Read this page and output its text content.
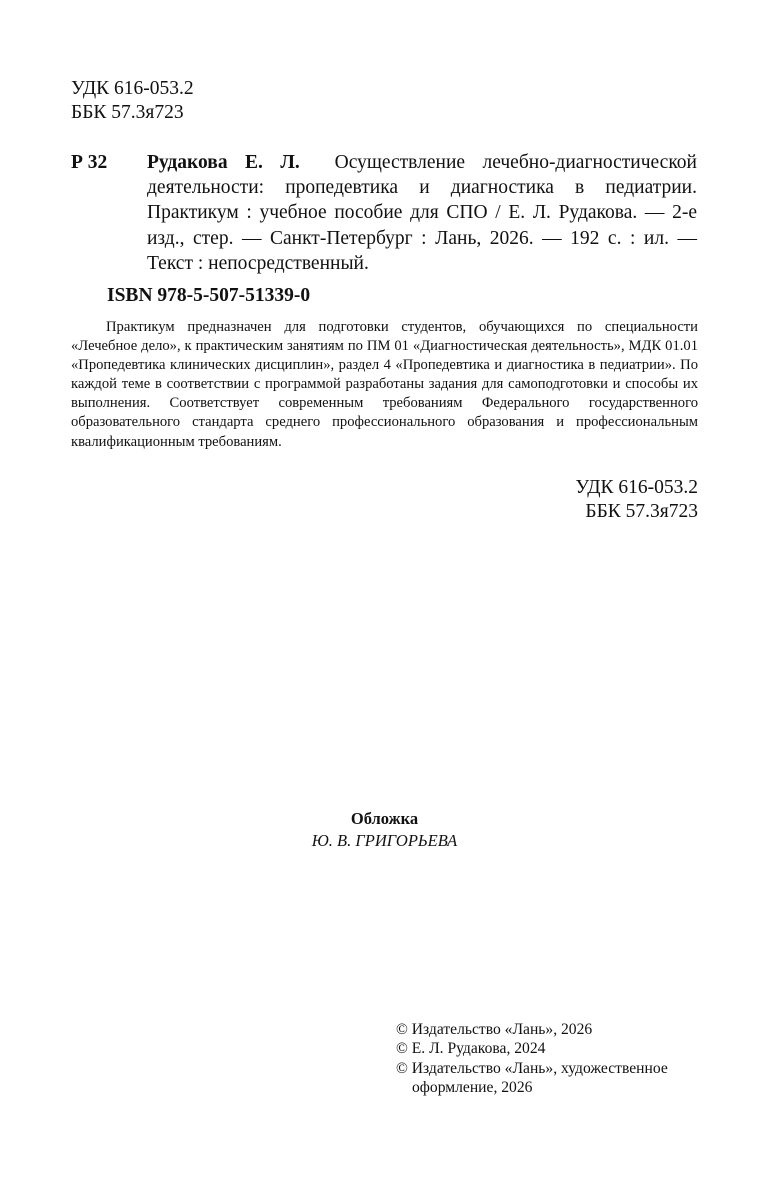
УДК 616-053.2
ББК 57.3я723
Р 32 Рудакова Е. Л. Осуществление лечебно-диагностической деятельности: пропедевтика и диагностика в педиатрии. Практикум : учебное пособие для СПО / Е. Л. Рудакова. — 2-е изд., стер. — Санкт-Петербург : Лань, 2026. — 192 с. : ил. — Текст : непосредственный.
ISBN 978-5-507-51339-0
Практикум предназначен для подготовки студентов, обучающихся по специальности «Лечебное дело», к практическим занятиям по ПМ 01 «Диагностическая деятельность», МДК 01.01 «Пропедевтика клинических дисциплин», раздел 4 «Пропедевтика и диагностика в педиатрии». По каждой теме в соответствии с программой разработаны задания для самоподготовки и способы их выполнения. Соответствует современным требованиям Федерального государственного образовательного стандарта среднего профессионального образования и профессиональным квалификационным требованиям.
УДК 616-053.2
ББК 57.3я723
Обложка
Ю. В. ГРИГОРЬЕВА
© Издательство «Лань», 2026
© Е. Л. Рудакова, 2024
© Издательство «Лань», художественное оформление, 2026
